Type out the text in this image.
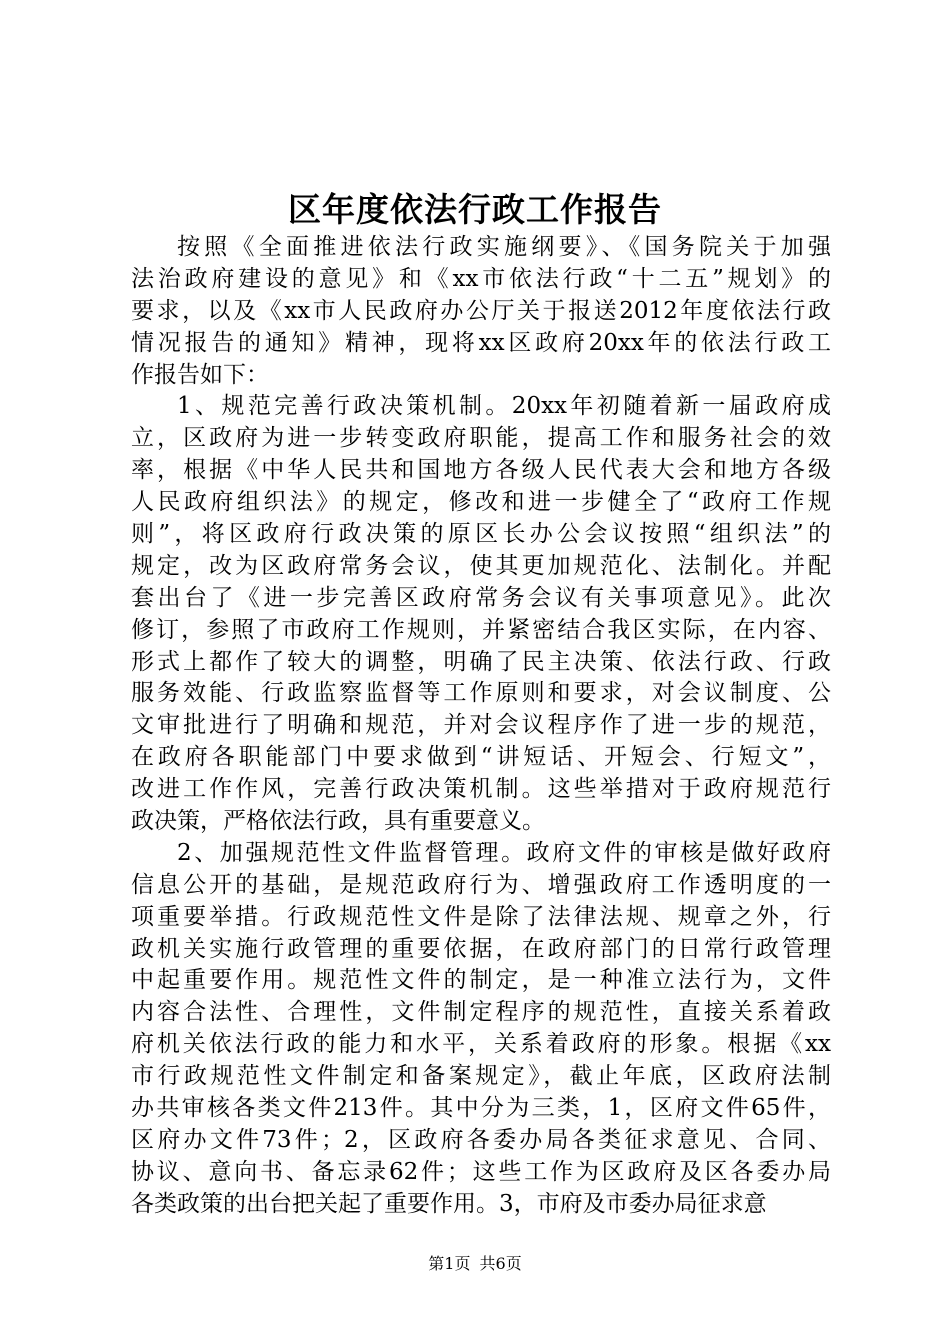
区年度依法行政工作报告
按照《全面推进依法行政实施纲要》、《国务院关于加强
法治政府建设的意见》和《xx市依法行政“十二五”规划》的
要求，以及《xx市人民政府办公厅关于报送2012年度依法行政
情况报告的通知》精神，现将xx区政府20xx年的依法行政工
作报告如下：
1、规范完善行政决策机制。20xx年初随着新一届政府成
立，区政府为进一步转变政府职能，提高工作和服务社会的效
率，根据《中华人民共和国地方各级人民代表大会和地方各级
人民政府组织法》的规定，修改和进一步健全了“政府工作规
则”，将区政府行政决策的原区长办公会议按照“组织法”的
规定，改为区政府常务会议，使其更加规范化、法制化。并配
套出台了《进一步完善区政府常务会议有关事项意见》。此次
修订，参照了市政府工作规则，并紧密结合我区实际，在内容、
形式上都作了较大的调整，明确了民主决策、依法行政、行政
服务效能、行政监察监督等工作原则和要求，对会议制度、公
文审批进行了明确和规范，并对会议程序作了进一步的规范，
在政府各职能部门中要求做到“讲短话、开短会、行短文”，
改进工作作风，完善行政决策机制。这些举措对于政府规范行
政决策，严格依法行政，具有重要意义。
2、加强规范性文件监督管理。政府文件的审核是做好政府
信息公开的基础，是规范政府行为、增强政府工作透明度的一
项重要举措。行政规范性文件是除了法律法规、规章之外，行
政机关实施行政管理的重要依据，在政府部门的日常行政管理
中起重要作用。规范性文件的制定，是一种准立法行为，文件
内容合法性、合理性，文件制定程序的规范性，直接关系着政
府机关依法行政的能力和水平，关系着政府的形象。根据《xx
市行政规范性文件制定和备案规定》，截止年底，区政府法制
办共审核各类文件213件。其中分为三类，1，区府文件65件，
区府办文件73件；2，区政府各委办局各类征求意见、合同、
协议、意向书、备忘录62件；这些工作为区政府及区各委办局
各类政策的出台把关起了重要作用。3，市府及市委办局征求意
第1页 共6页
